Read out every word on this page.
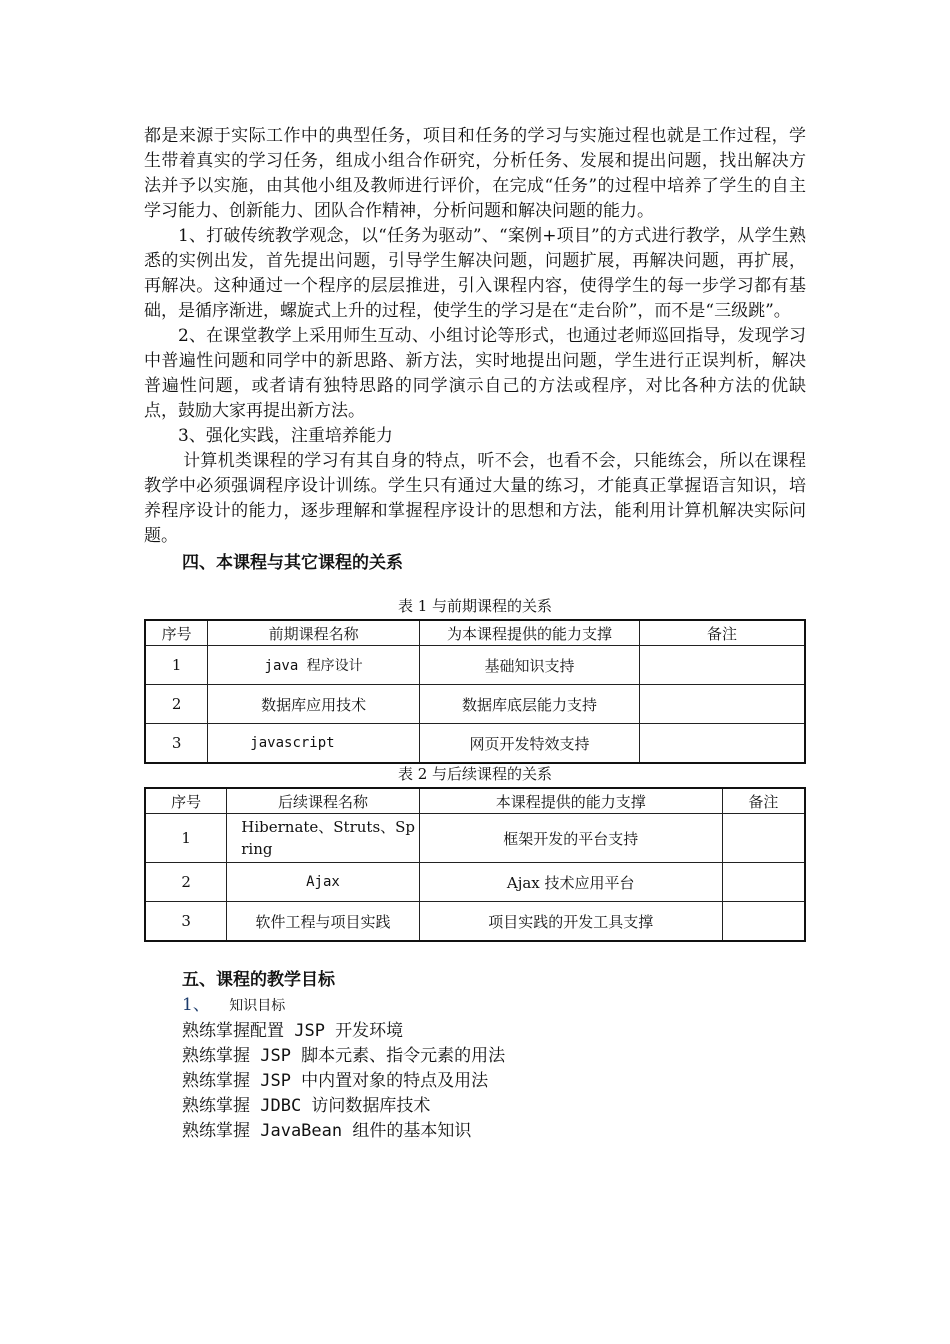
都是来源于实际工作中的典型任务，项目和任务的学习与实施过程也就是工作过程，学生带着真实的学习任务，组成小组合作研究，分析任务、发展和提出问题，找出解决方法并予以实施，由其他小组及教师进行评价，在完成“任务”的过程中培养了学生的自主学习能力、创新能力、团队合作精神，分析问题和解决问题的能力。

1、打破传统教学观念，以“任务为驱动”、“案例+项目”的方式进行教学，从学生熟悉的实例出发，首先提出问题，引导学生解决问题，问题扩展，再解决问题，再扩展，再解决。这种通过一个程序的层层推进，引入课程内容，使得学生的每一步学习都有基础，是循序渐进，螺旋式上升的过程，使学生的学习是在“走台阶”，而不是“三级跳”。

2、在课堂教学上采用师生互动、小组讨论等形式，也通过老师巡回指导，发现学习中普遍性问题和同学中的新思路、新方法，实时地提出问题，学生进行正误判析，解决普遍性问题，或者请有独特思路的同学演示自己的方法或程序，对比各种方法的优缺点，鼓励大家再提出新方法。

3、强化实践，注重培养能力

计算机类课程的学习有其自身的特点，听不会，也看不会，只能练会，所以在课程教学中必须强调程序设计训练。学生只有通过大量的练习，才能真正掌握语言知识，培养程序设计的能力，逐步理解和掌握程序设计的思想和方法，能利用计算机解决实际问题。

四、本课程与其它课程的关系
表 1 与前期课程的关系
序号	前期课程名称	为本课程提供的能力支撑	备注
1	java 程序设计	基础知识支持	
2	数据库应用技术	数据库底层能力支持	
3	javascript	网页开发特效支持	
表 2 与后续课程的关系
序号	后续课程名称	本课程提供的能力支撑	备注
1	Hibernate、Struts、Spring	框架开发的平台支持	
2	Ajax	Ajax 技术应用平台	
3	软件工程与项目实践	项目实践的开发工具支撑	
五、课程的教学目标
1、 知识目标
熟练掌握配置 JSP 开发环境
熟练掌握 JSP 脚本元素、指令元素的用法
熟练掌握 JSP 中内置对象的特点及用法
熟练掌握 JDBC 访问数据库技术
熟练掌握 JavaBean 组件的基本知识
